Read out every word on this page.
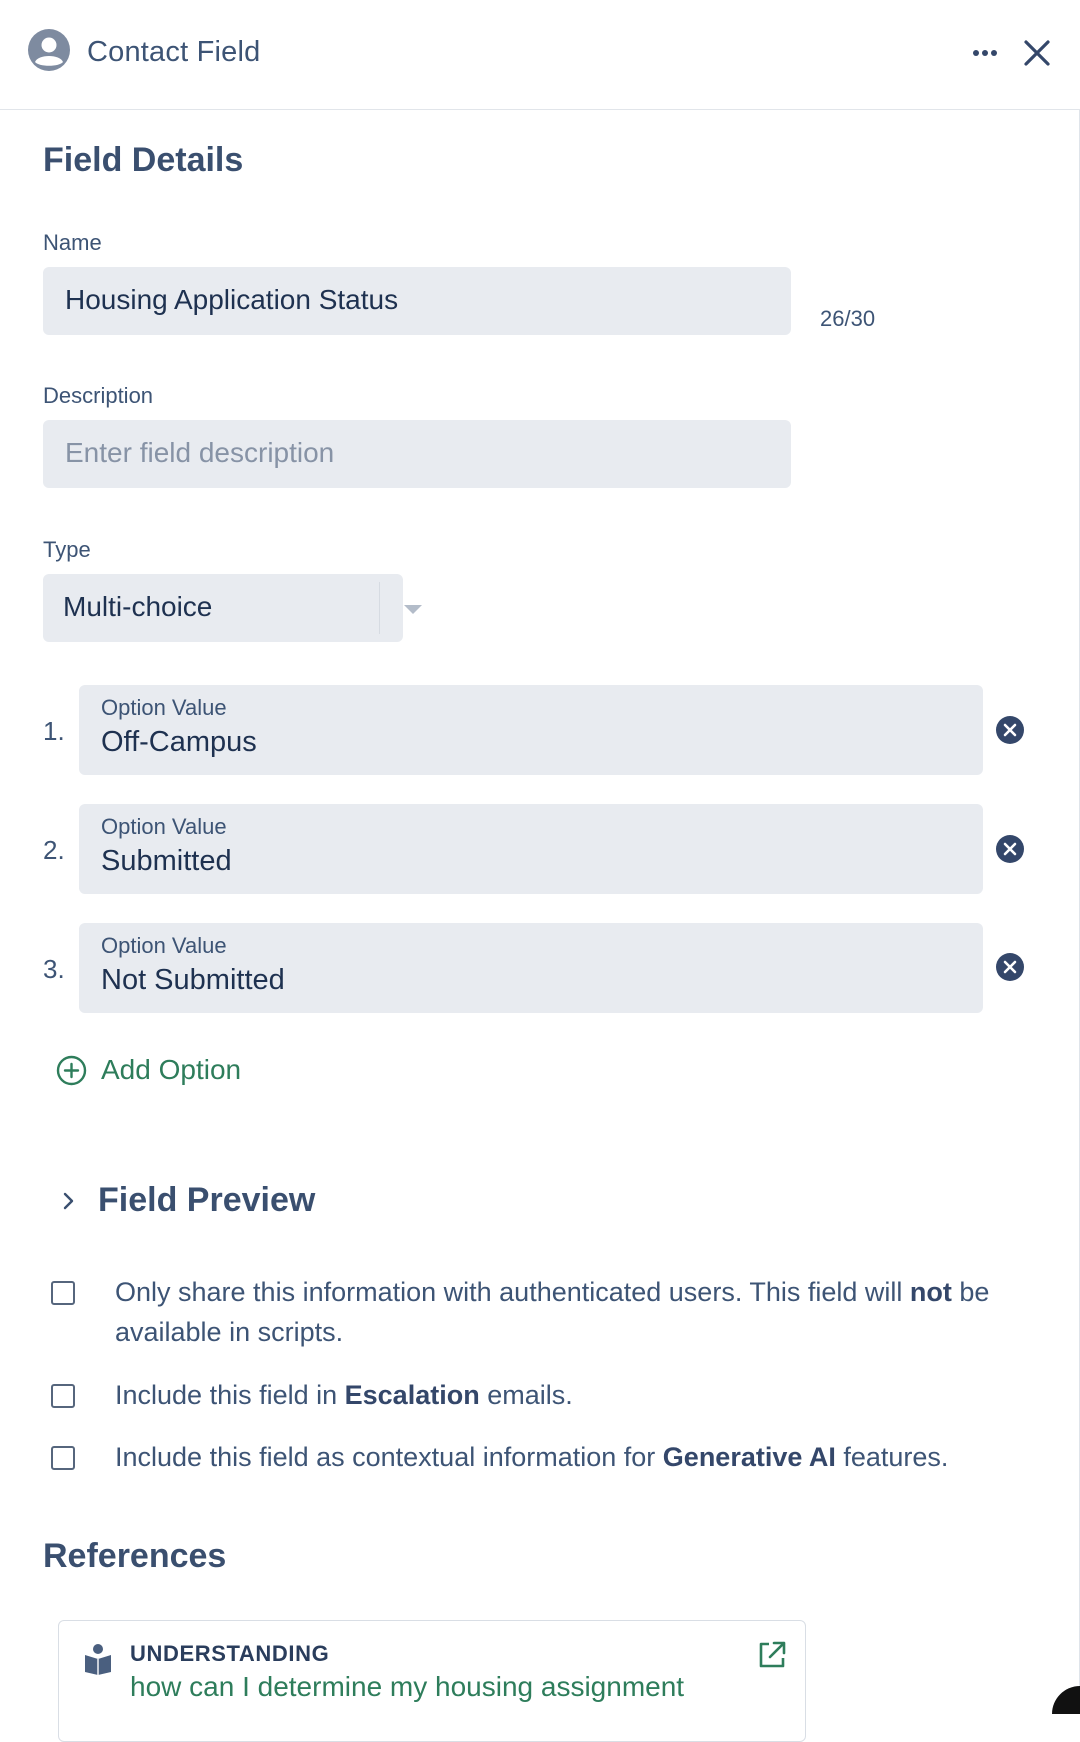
Contact Field
Field Details
Name
Housing Application Status
26/30
Description
Enter field description
Type
Multi-choice
1.
Option Value
Off-Campus
2.
Option Value
Submitted
3.
Option Value
Not Submitted
Add Option
Field Preview
Only share this information with authenticated users. This field will not be available in scripts.
Include this field in Escalation emails.
Include this field as contextual information for Generative AI features.
References
UNDERSTANDING
how can I determine my housing assignment
